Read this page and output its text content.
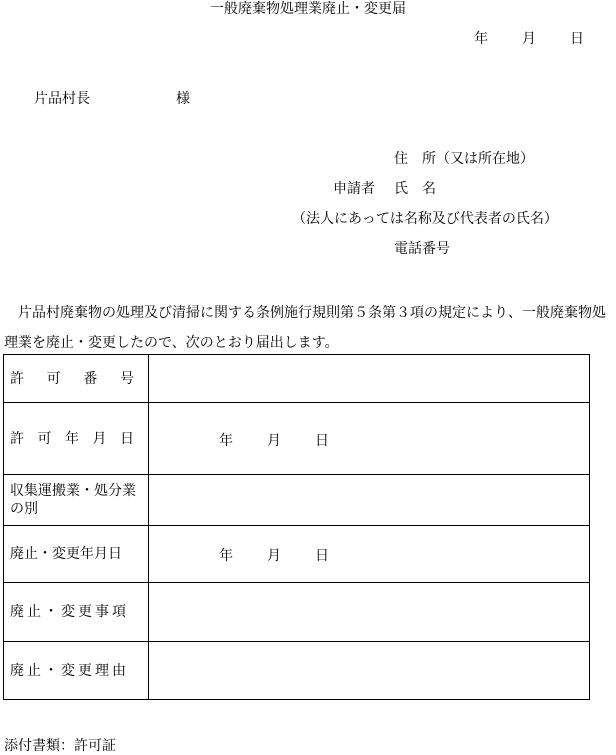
一般廃棄物処理業廃止・変更届
年 月 日
片品村長	様
住　所（又は所在地）
申請者 氏　名
（法人にあっては名称及び代表者の氏名）
電話番号
片品村廃棄物の処理及び清掃に関する条例施行規則第５条第３項の規定により、一般廃棄物処理業を廃止・変更したので、次のとおり届出します。
許 可 番 号	

許 可 年 月 日	年 月 日

収集運搬業・処分業の別	
廃止・変更年月日	年 月 日

廃止・変更事項	
廃止・変更理由	
添付書類：許可証
